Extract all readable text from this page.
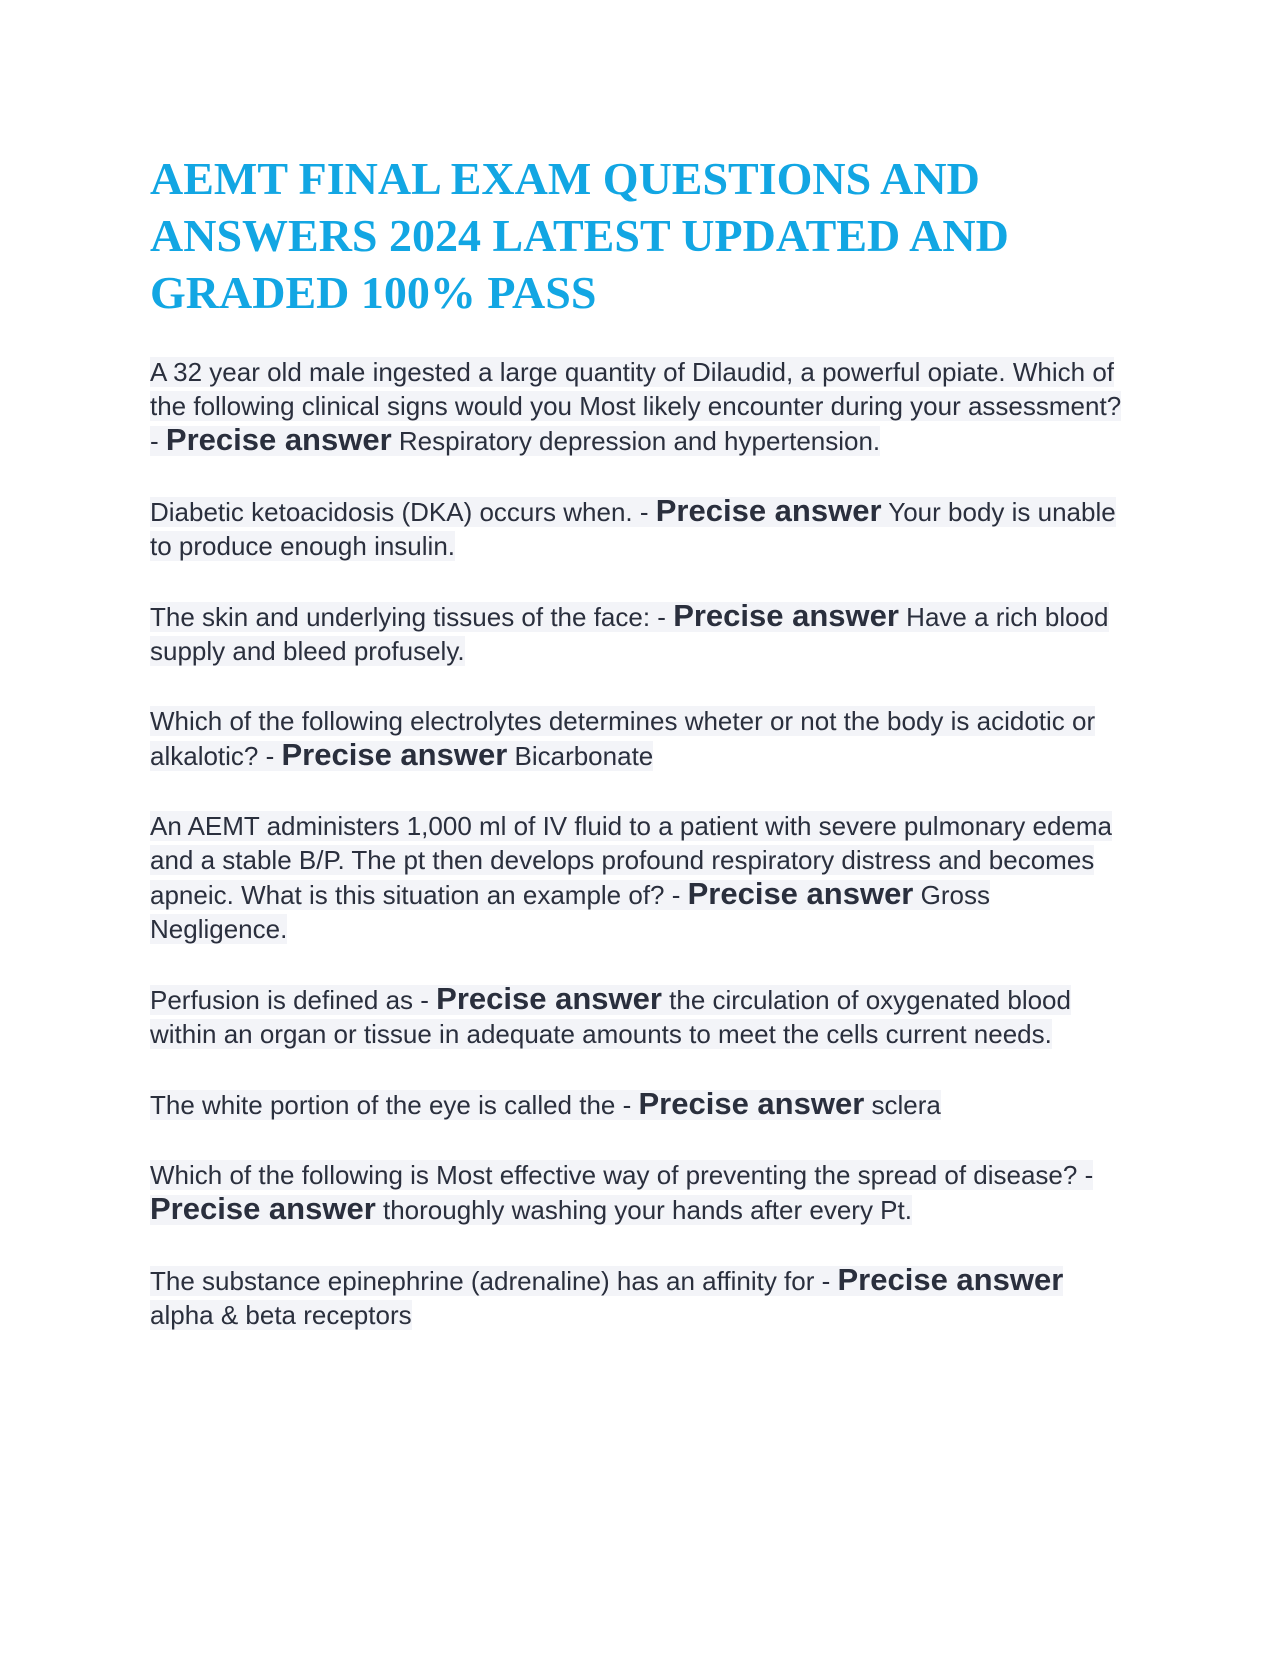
AEMT FINAL EXAM QUESTIONS AND ANSWERS 2024 LATEST UPDATED AND GRADED 100% PASS
A 32 year old male ingested a large quantity of Dilaudid, a powerful opiate. Which of the following clinical signs would you Most likely encounter during your assessment? - Precise answer Respiratory depression and hypertension.
Diabetic ketoacidosis (DKA) occurs when. - Precise answer Your body is unable to produce enough insulin.
The skin and underlying tissues of the face: - Precise answer Have a rich blood supply and bleed profusely.
Which of the following electrolytes determines wheter or not the body is acidotic or alkalotic? - Precise answer Bicarbonate
An AEMT administers 1,000 ml of IV fluid to a patient with severe pulmonary edema and a stable B/P. The pt then develops profound respiratory distress and becomes apneic. What is this situation an example of? - Precise answer Gross Negligence.
Perfusion is defined as - Precise answer the circulation of oxygenated blood within an organ or tissue in adequate amounts to meet the cells current needs.
The white portion of the eye is called the - Precise answer sclera
Which of the following is Most effective way of preventing the spread of disease? - Precise answer thoroughly washing your hands after every Pt.
The substance epinephrine (adrenaline) has an affinity for - Precise answer alpha & beta receptors
